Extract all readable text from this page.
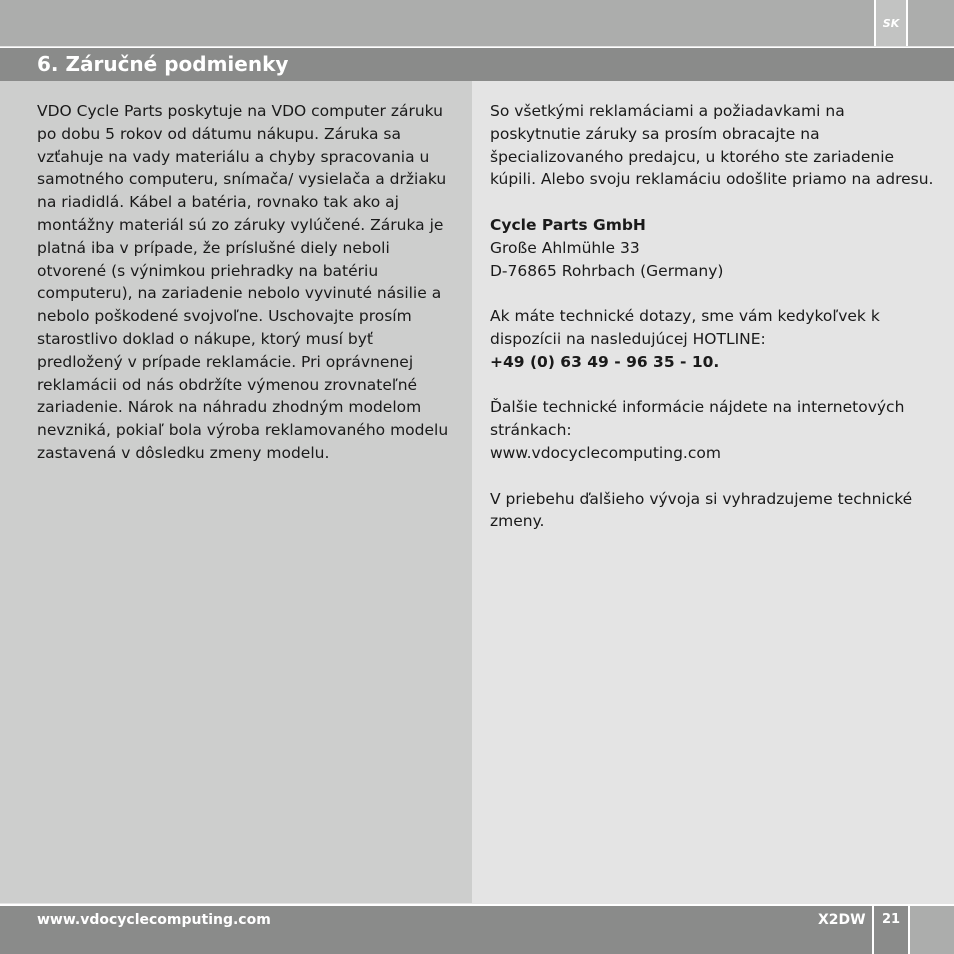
SK
6. Záručné podmienky

VDO Cycle Parts poskytuje na VDO computer záruku po dobu 5 rokov od dátumu nákupu. Záruka sa vzťahuje na vady materiálu a chyby spracovania u samotného computeru, snímača/ vysielača a držiaku na riadidlá. Kábel a batéria, rovnako tak ako aj montážny materiál sú zo záruky vylúčené. Záruka je platná iba v prípade, že príslušné diely neboli otvorené (s výnimkou priehradky na batériu computeru), na zariadenie nebolo vyvinuté násilie a nebolo poškodené svojvoľne. Uschovajte prosím starostlivo doklad o nákupe, ktorý musí byť predložený v prípade reklamácie. Pri oprávnenej reklamácii od nás obdržíte výmenou zrovnateľné zariadenie. Nárok na náhradu zhodným modelom nevzniká, pokiaľ bola výroba reklamovaného modelu zastavená v dôsledku zmeny modelu.

So všetkými reklamáciami a požiadavkami na poskytnutie záruky sa prosím obracajte na špecializovaného predajcu, u ktorého ste zariadenie kúpili. Alebo svoju reklamáciu odošlite priamo na adresu.

Cycle Parts GmbH
Große Ahlmühle 33
D-76865 Rohrbach (Germany)

Ak máte technické dotazy, sme vám kedykoľvek k dispozícii na nasledujúcej HOTLINE:
+49 (0) 63 49 - 96 35 - 10.

Ďalšie technické informácie nájdete na internetových stránkach:
www.vdocyclecomputing.com

V priebehu ďalšieho vývoja si vyhradzujeme technické zmeny.

www.vdocyclecomputing.com	X2DW	21
